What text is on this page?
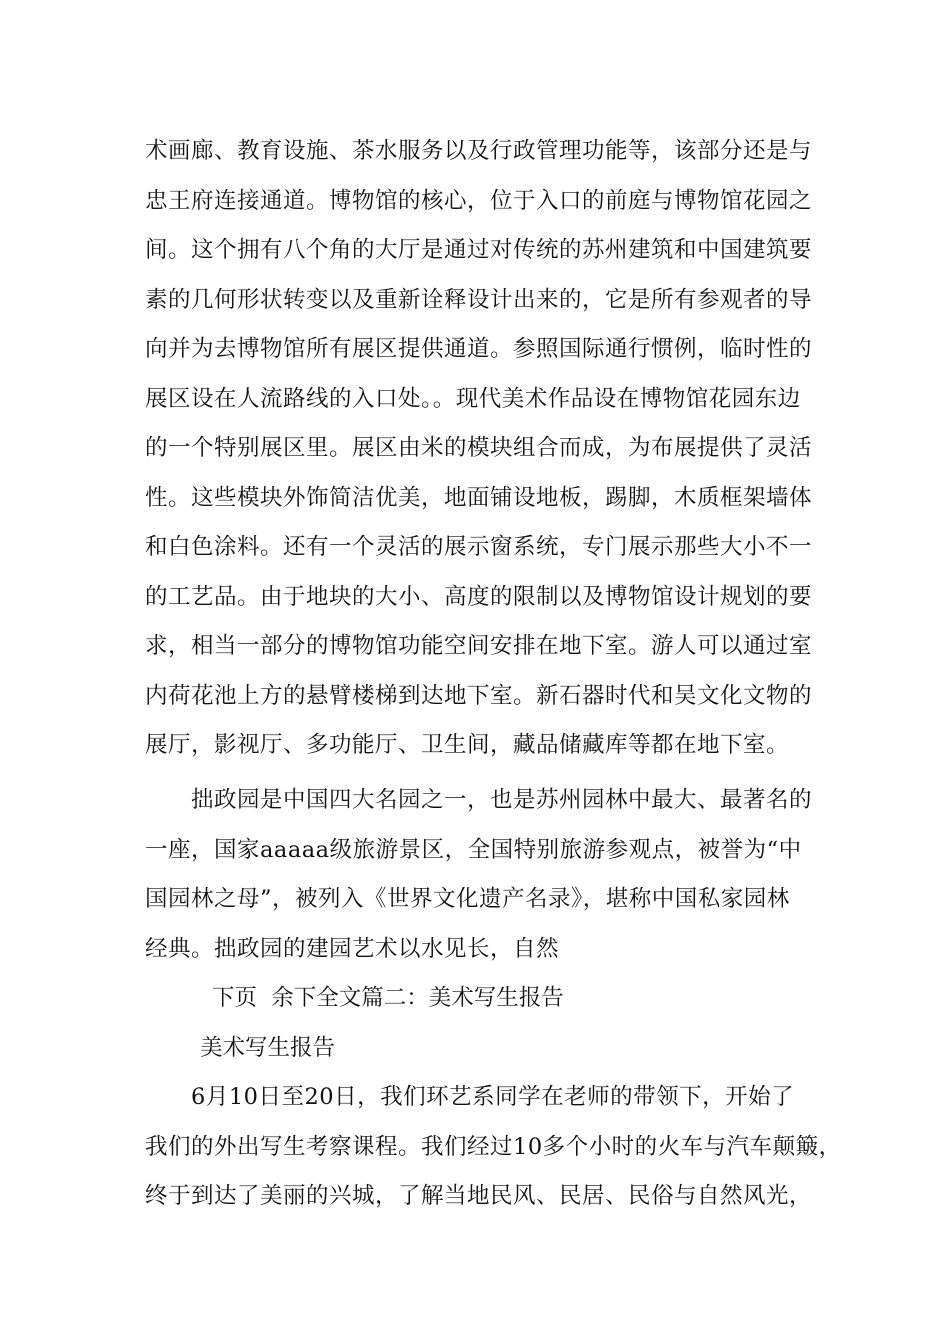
术画廊、教育设施、茶水服务以及行政管理功能等，该部分还是与
忠王府连接通道。博物馆的核心，位于入口的前庭与博物馆花园之
间。这个拥有八个角的大厅是通过对传统的苏州建筑和中国建筑要
素的几何形状转变以及重新诠释设计出来的，它是所有参观者的导
向并为去博物馆所有展区提供通道。参照国际通行惯例，临时性的
展区设在人流路线的入口处。。现代美术作品设在博物馆花园东边
的一个特别展区里。展区由米的模块组合而成，为布展提供了灵活
性。这些模块外饰简洁优美，地面铺设地板，踢脚，木质框架墙体
和白色涂料。还有一个灵活的展示窗系统，专门展示那些大小不一
的工艺品。由于地块的大小、高度的限制以及博物馆设计规划的要
求，相当一部分的博物馆功能空间安排在地下室。游人可以通过室
内荷花池上方的悬臂楼梯到达地下室。新石器时代和吴文化文物的
展厅，影视厅、多功能厅、卫生间，藏品储藏库等都在地下室。
　　拙政园是中国四大名园之一，也是苏州园林中最大、最著名的
一座，国家aaaaa级旅游景区，全国特别旅游参观点，被誉为“中
国园林之母”，被列入《世界文化遗产名录》，堪称中国私家园林
经典。拙政园的建园艺术以水见长，自然
下页  余下全文篇二：美术写生报告
美术写生报告
　　6月10日至20日，我们环艺系同学在老师的带领下，开始了
我们的外出写生考察课程。我们经过10多个小时的火车与汽车颠簸，
终于到达了美丽的兴城，了解当地民风、民居、民俗与自然风光，
